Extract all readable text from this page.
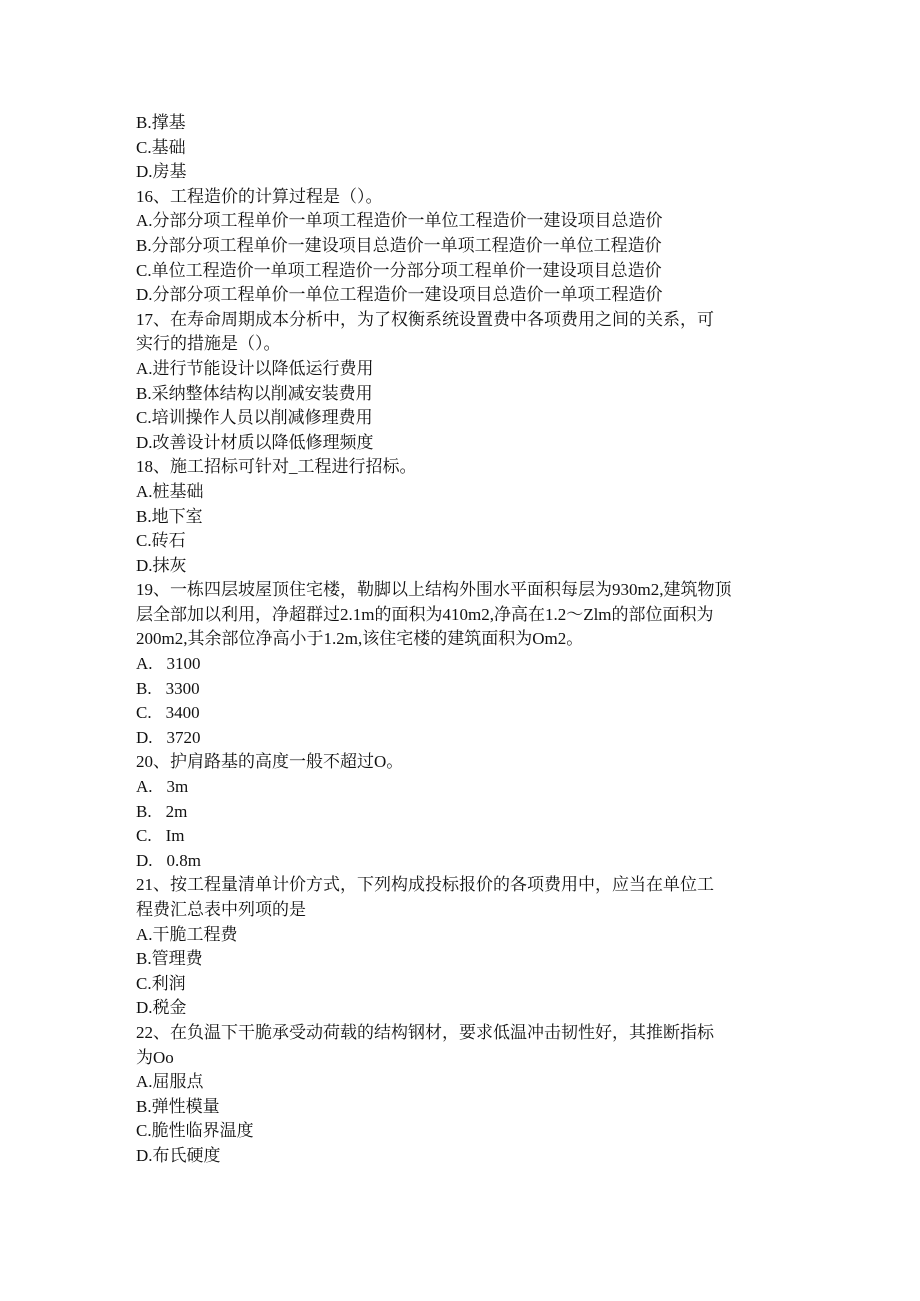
B.撑基
C.基础
D.房基
16、工程造价的计算过程是（）。
A.分部分项工程单价一单项工程造价一单位工程造价一建设项目总造价
B.分部分项工程单价一建设项目总造价一单项工程造价一单位工程造价
C.单位工程造价一单项工程造价一分部分项工程单价一建设项目总造价
D.分部分项工程单价一单位工程造价一建设项目总造价一单项工程造价
17、在寿命周期成本分析中，为了权衡系统设置费中各项费用之间的关系，可
实行的措施是（）。
A.进行节能设计以降低运行费用
B.采纳整体结构以削减安装费用
C.培训操作人员以削减修理费用
D.改善设计材质以降低修理频度
18、施工招标可针对_工程进行招标。
A.桩基础
B.地下室
C.砖石
D.抹灰
19、一栋四层坡屋顶住宅楼，勒脚以上结构外围水平面积每层为930m2,建筑物顶
层全部加以利用，净超群过2.1m的面积为410m2,净高在1.2～Zlm的部位面积为
200m2,其余部位净高小于1.2m,该住宅楼的建筑面积为Om2。
A. 3100
B. 3300
C. 3400
D. 3720
20、护肩路基的高度一般不超过O。
A. 3m
B. 2m
C. Im
D. 0.8m
21、按工程量清单计价方式，下列构成投标报价的各项费用中，应当在单位工
程费汇总表中列项的是
A.干脆工程费
B.管理费
C.利润
D.税金
22、在负温下干脆承受动荷载的结构钢材，要求低温冲击韧性好，其推断指标
为Oo
A.屈服点
B.弹性模量
C.脆性临界温度
D.布氏硬度
